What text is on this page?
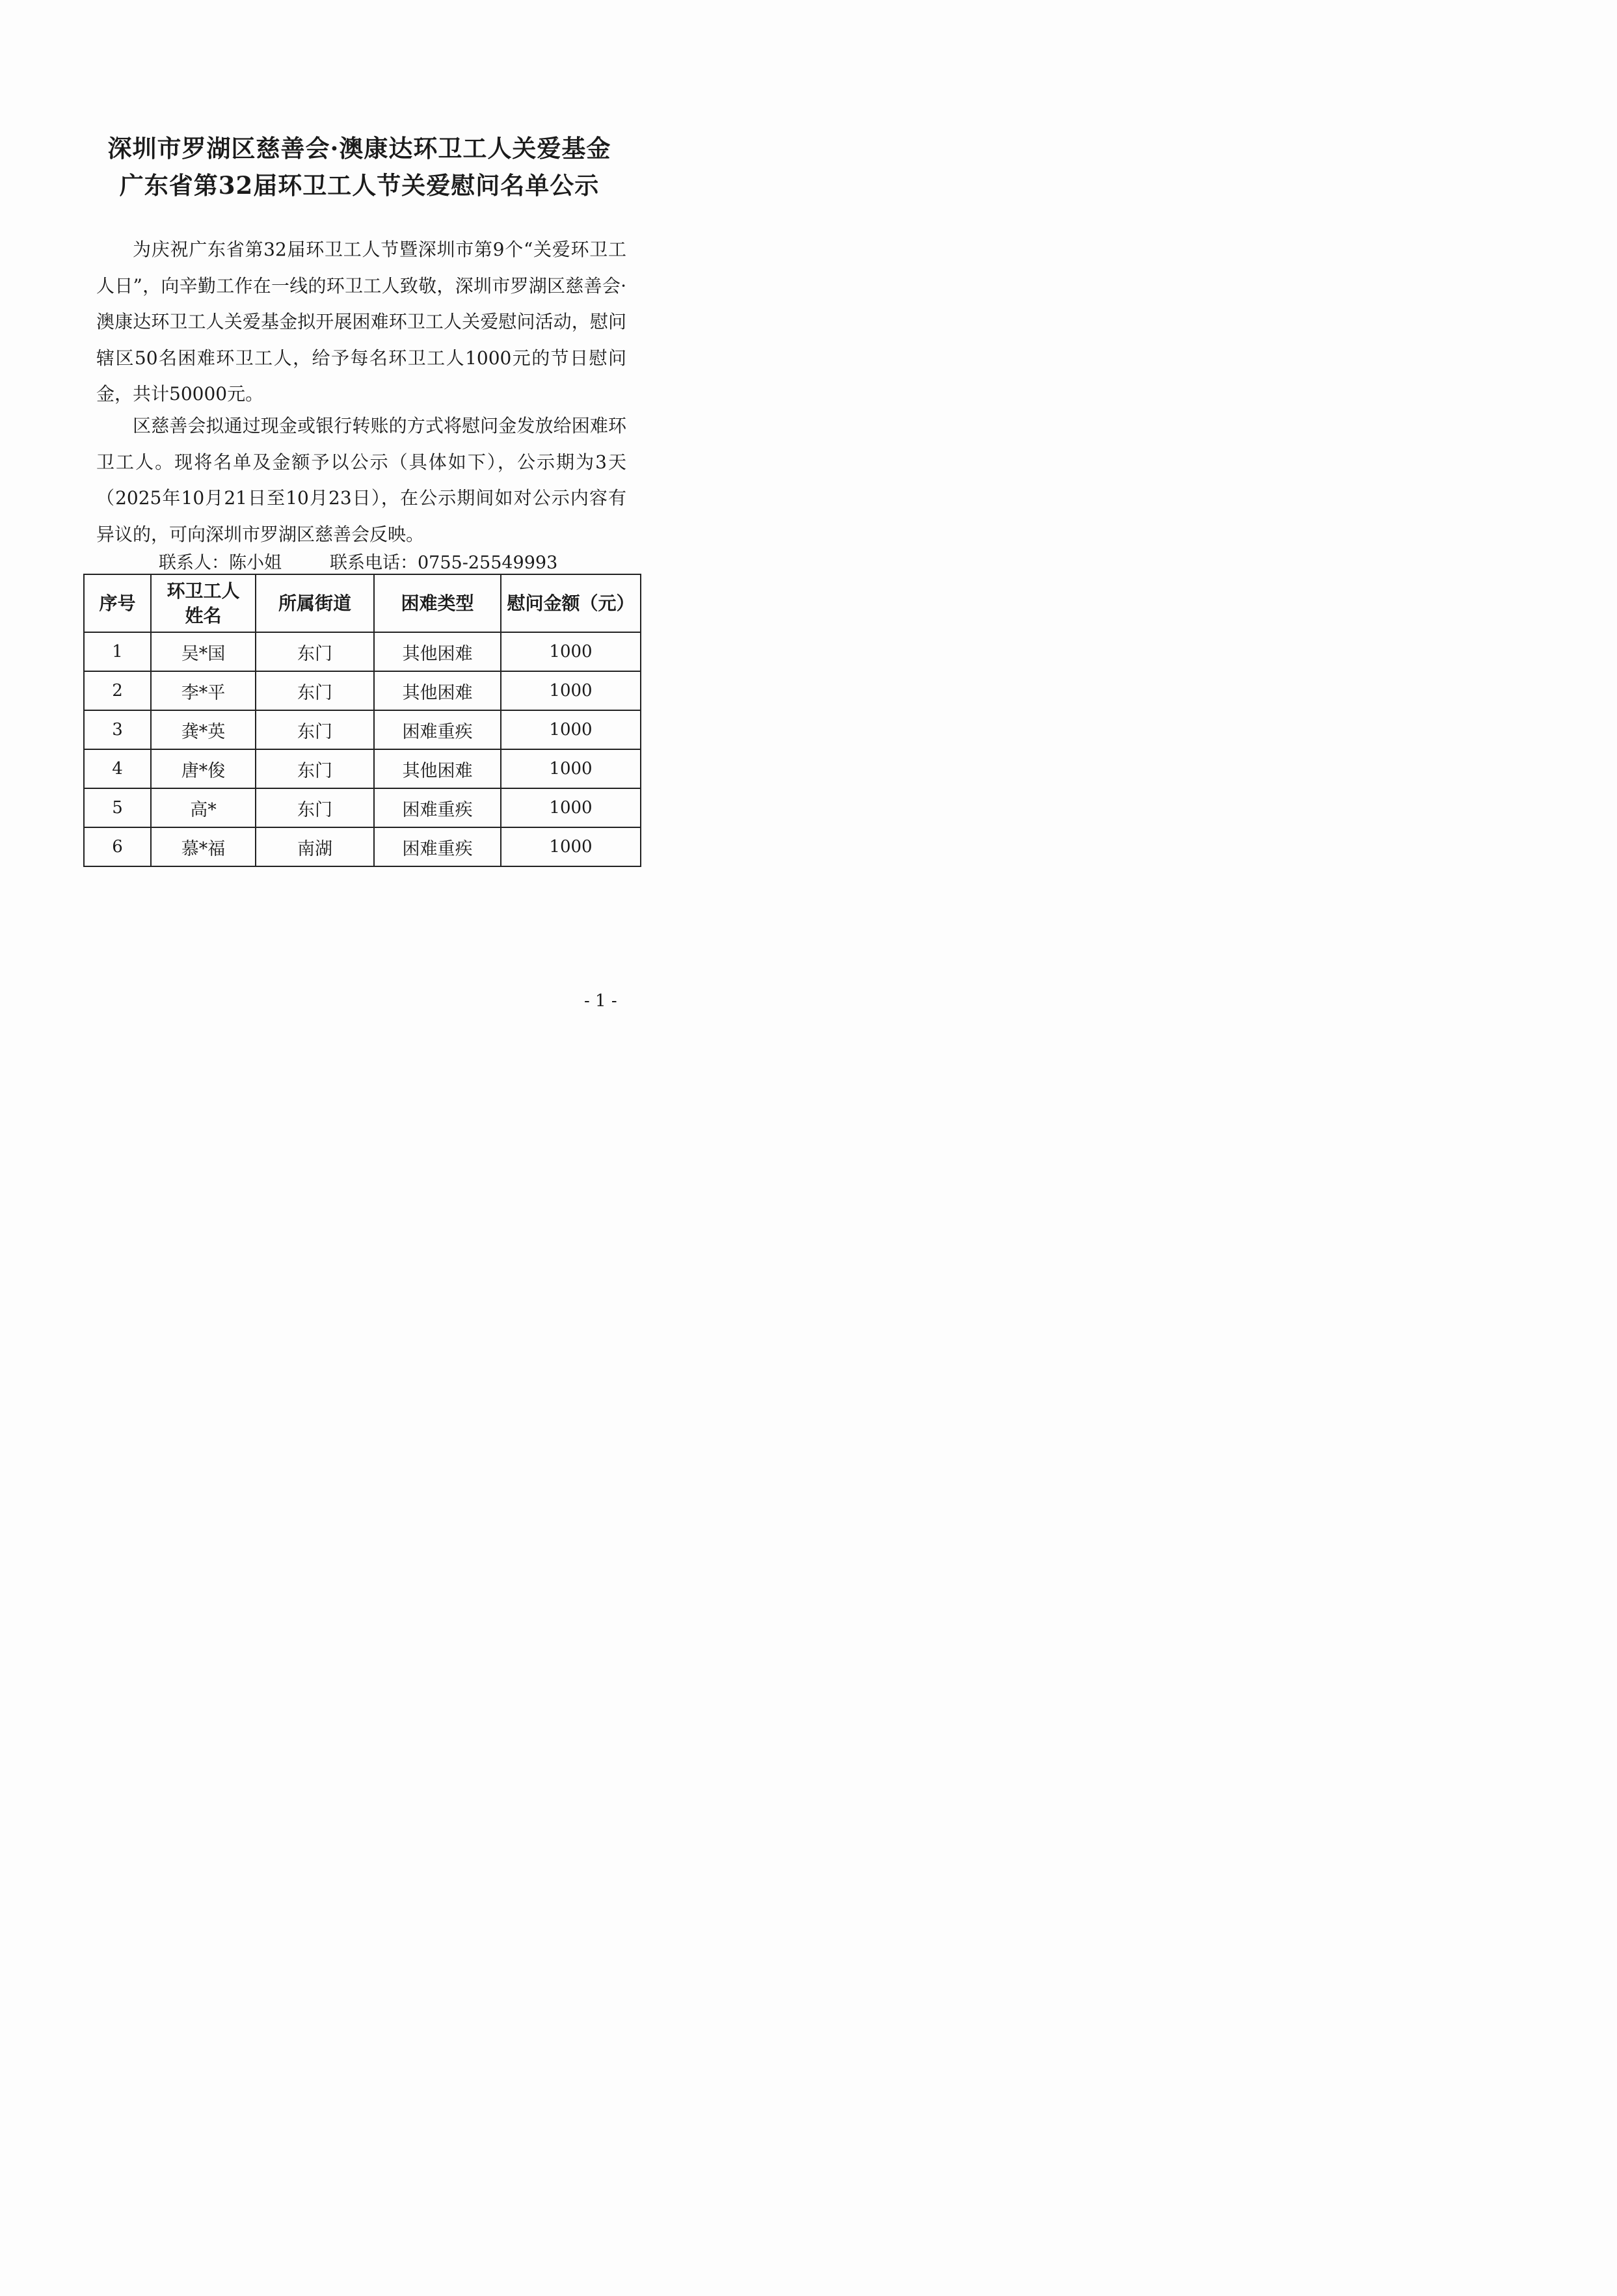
深圳市罗湖区慈善会·澳康达环卫工人关爱基金
广东省第32届环卫工人节关爱慰问名单公示

为庆祝广东省第32届环卫工人节暨深圳市第9个“关爱环卫工人日”，向辛勤工作在一线的环卫工人致敬，深圳市罗湖区慈善会·澳康达环卫工人关爱基金拟开展困难环卫工人关爱慰问活动，慰问辖区50名困难环卫工人，给予每名环卫工人1000元的节日慰问金，共计50000元。

区慈善会拟通过现金或银行转账的方式将慰问金发放给困难环卫工人。现将名单及金额予以公示（具体如下），公示期为3天（2025年10月21日至10月23日），在公示期间如对公示内容有异议的，可向深圳市罗湖区慈善会反映。

联系人：陈小姐	联系电话：0755-25549993
序号	环卫工人姓名	所属街道	困难类型	慰问金额（元）
1	吴*国	东门	其他困难	1000
2	李*平	东门	其他困难	1000
3	龚*英	东门	困难重疾	1000
4	唐*俊	东门	其他困难	1000
5	高*	东门	困难重疾	1000
6	慕*福	南湖	困难重疾	1000
- 1 -
